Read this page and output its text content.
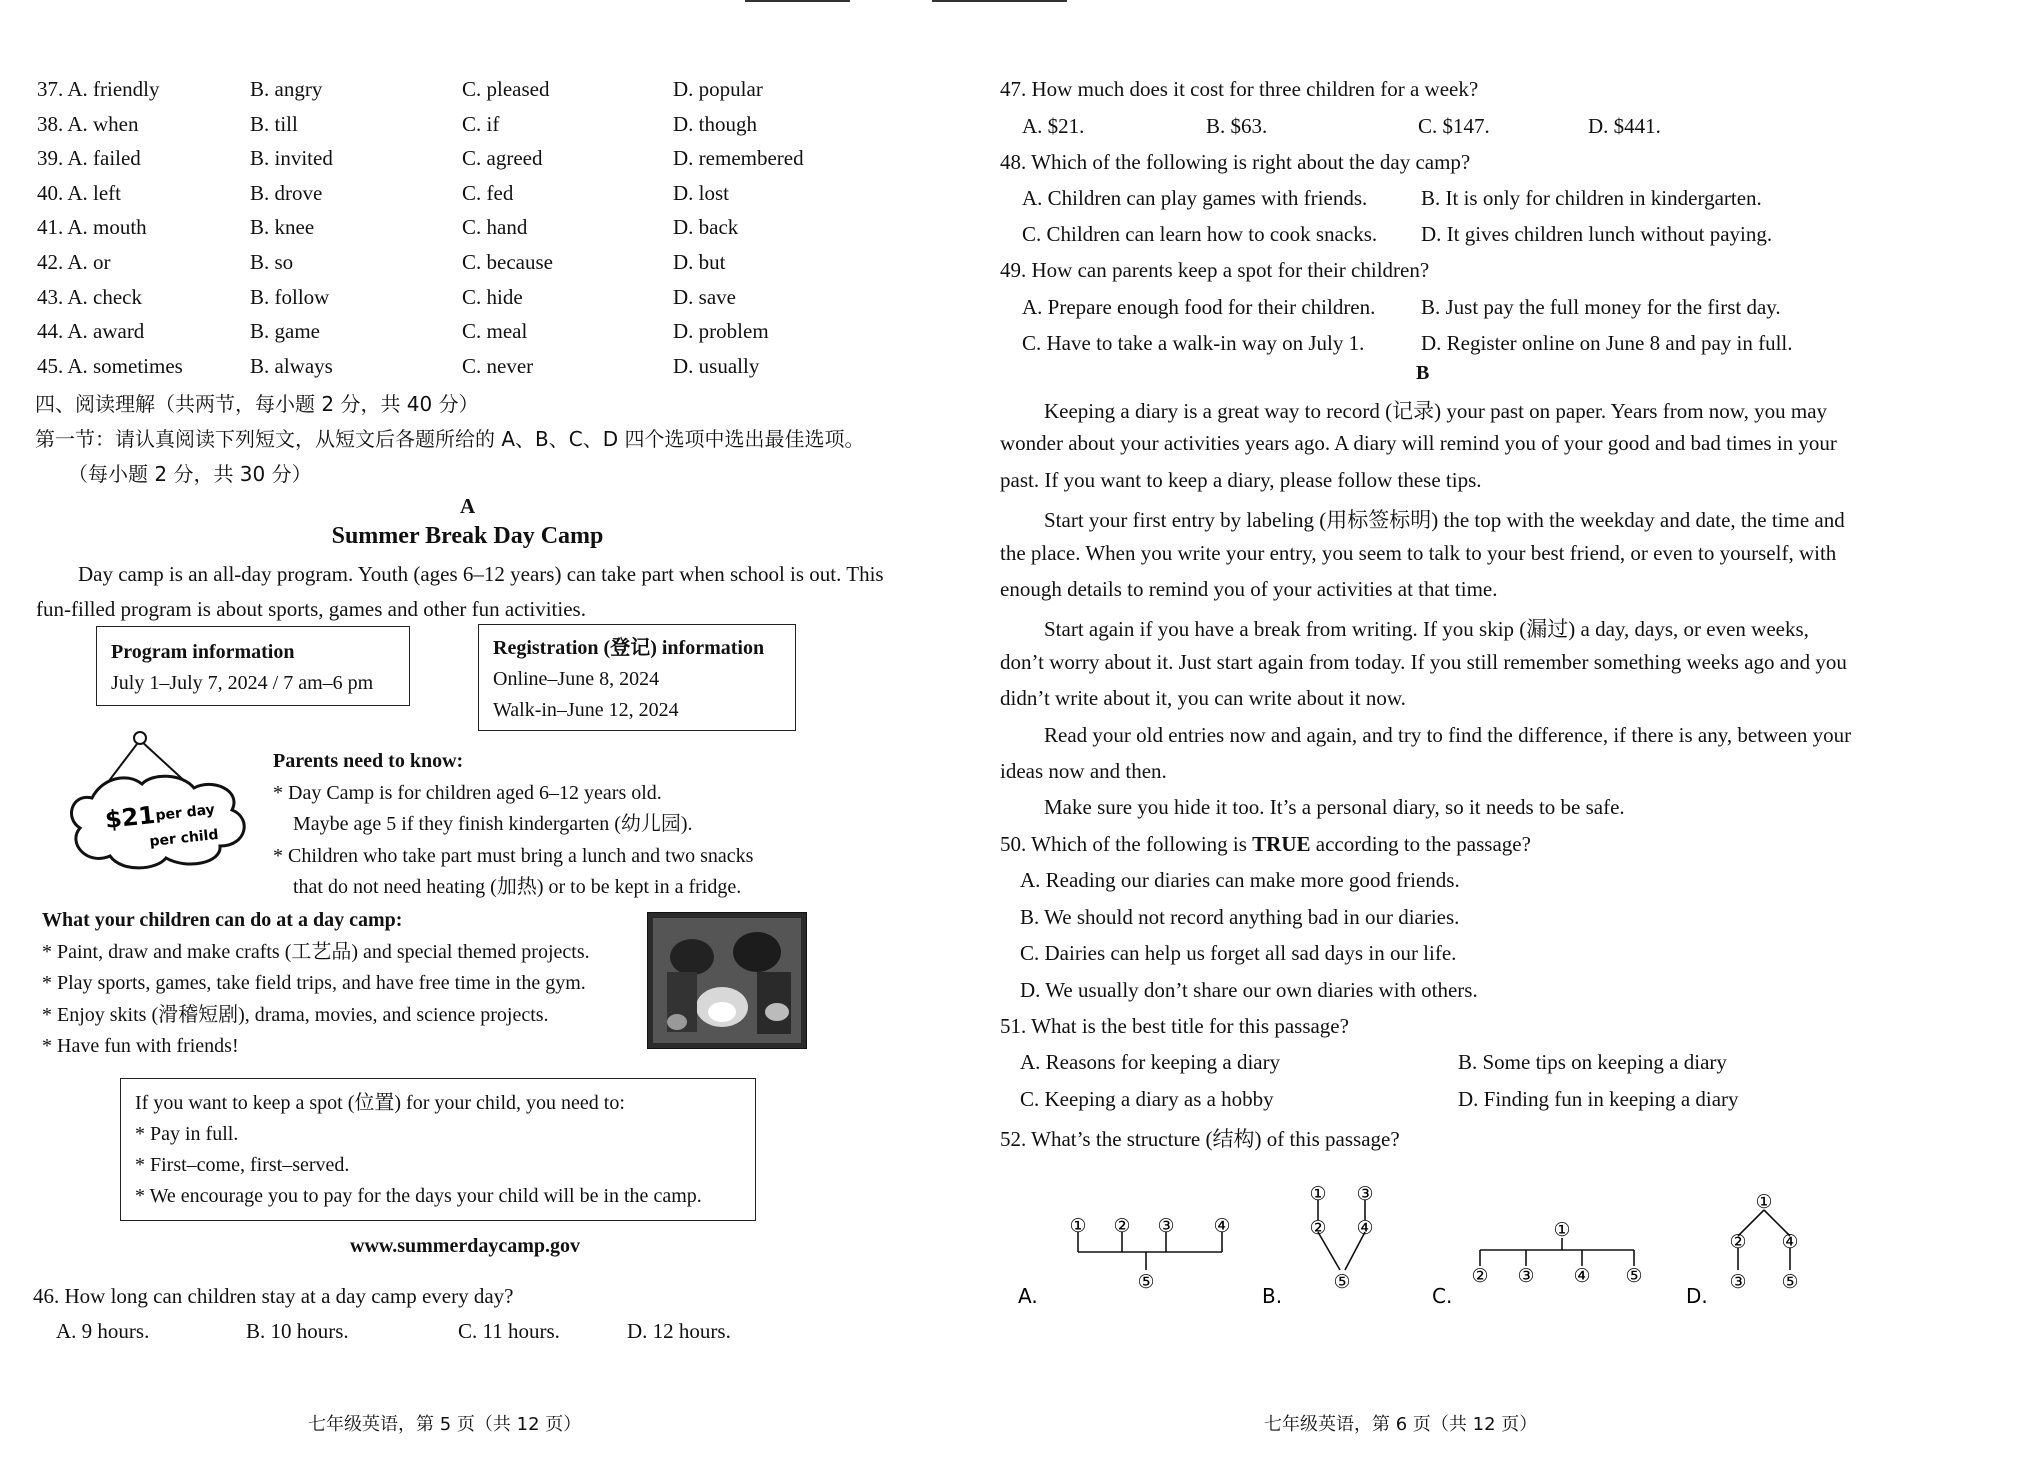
37. A. friendly	B. angry	C. pleased	D. popular
38. A. when	B. till	C. if	D. though
39. A. failed	B. invited	C. agreed	D. remembered
40. A. left	B. drove	C. fed	D. lost
41. A. mouth	B. knee	C. hand	D. back
42. A. or	B. so	C. because	D. but
43. A. check	B. follow	C. hide	D. save
44. A. award	B. game	C. meal	D. problem
45. A. sometimes	B. always	C. never	D. usually
四、阅读理解（共两节，每小题 2 分，共 40 分）
第一节：请认真阅读下列短文，从短文后各题所给的 A、B、C、D 四个选项中选出最佳选项。
（每小题 2 分，共 30 分）
A
Summer Break Day Camp
Day camp is an all-day program. Youth (ages 6–12 years) can take part when school is out. This
fun-filled program is about sports, games and other fun activities.
Program information
July 1–July 7, 2024 / 7 am–6 pm
Registration (登记) information
Online–June 8, 2024
Walk-in–June 12, 2024
$21
per day
per child
Parents need to know:
* Day Camp is for children aged 6–12 years old.
Maybe age 5 if they finish kindergarten (幼儿园).
* Children who take part must bring a lunch and two snacks
that do not need heating (加热) or to be kept in a fridge.
What your children can do at a day camp:
* Paint, draw and make crafts (工艺品) and special themed projects.
* Play sports, games, take field trips, and have free time in the gym.
* Enjoy skits (滑稽短剧), drama, movies, and science projects.
* Have fun with friends!
If you want to keep a spot (位置) for your child, you need to:
* Pay in full.
* First–come, first–served.
* We encourage you to pay for the days your child will be in the camp.
www.summerdaycamp.gov
46. How long can children stay at a day camp every day?
A. 9 hours.	B. 10 hours.	C. 11 hours.	D. 12 hours.
七年级英语，第 5 页（共 12 页）
47. How much does it cost for three children for a week?
A. $21.	B. $63.	C. $147.	D. $441.
48. Which of the following is right about the day camp?
A. Children can play games with friends.	B. It is only for children in kindergarten.
C. Children can learn how to cook snacks. D. It gives children lunch without paying.
49. How can parents keep a spot for their children?
A. Prepare enough food for their children. B. Just pay the full money for the first day.
C. Have to take a walk-in way on July 1.	D. Register online on June 8 and pay in full.
B
Keeping a diary is a great way to record (记录) your past on paper. Years from now, you may
wonder about your activities years ago. A diary will remind you of your good and bad times in your
past. If you want to keep a diary, please follow these tips.
Start your first entry by labeling (用标签标明) the top with the weekday and date, the time and
the place. When you write your entry, you seem to talk to your best friend, or even to yourself, with
enough details to remind you of your activities at that time.
Start again if you have a break from writing. If you skip (漏过) a day, days, or even weeks,
don’t worry about it. Just start again from today. If you still remember something weeks ago and you
didn’t write about it, you can write about it now.
Read your old entries now and again, and try to find the difference, if there is any, between your
ideas now and then.
Make sure you hide it too. It’s a personal diary, so it needs to be safe.
50. Which of the following is TRUE according to the passage?
A. Reading our diaries can make more good friends.
B. We should not record anything bad in our diaries.
C. Dairies can help us forget all sad days in our life.
D. We usually don’t share our own diaries with others.
51. What is the best title for this passage?
A. Reasons for keeping a diary	B. Some tips on keeping a diary
C. Keeping a diary as a hobby	D. Finding fun in keeping a diary
52. What’s the structure (结构) of this passage?
① ② ③ ④
⑤
① ③
② ④
⑤
①
② ③ ④ ⑤
①
② ④
③ ⑤
A.	B.	C.	D.
七年级英语，第 6 页（共 12 页）
